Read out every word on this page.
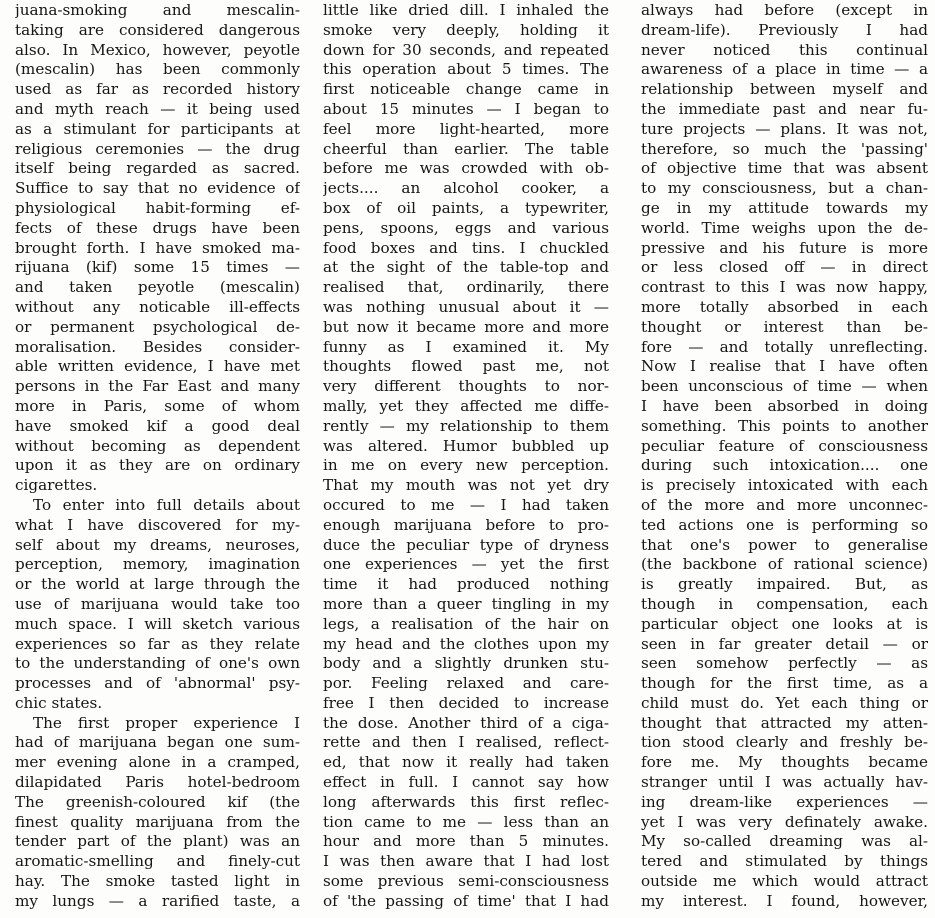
juana-smoking and mescalin-
taking are considered dangerous
also. In Mexico, however, peyotle
(mescalin) has been commonly
used as far as recorded history
and myth reach — it being used
as a stimulant for participants at
religious ceremonies — the drug
itself being regarded as sacred.
Suffice to say that no evidence of
physiological habit-forming ef-
fects of these drugs have been
brought forth. I have smoked ma-
rijuana (kif) some 15 times —
and taken peyotle (mescalin)
without any noticable ill-effects
or permanent psychological de-
moralisation. Besides consider-
able written evidence, I have met
persons in the Far East and many
more in Paris, some of whom
have smoked kif a good deal
without becoming as dependent
upon it as they are on ordinary
cigarettes.
To enter into full details about
what I have discovered for my-
self about my dreams, neuroses,
perception, memory, imagination
or the world at large through the
use of marijuana would take too
much space. I will sketch various
experiences so far as they relate
to the understanding of one's own
processes and of 'abnormal' psy-
chic states.
The first proper experience I
had of marijuana began one sum-
mer evening alone in a cramped,
dilapidated Paris hotel-bedroom
The greenish-coloured kif (the
finest quality marijuana from the
tender part of the plant) was an
aromatic-smelling and finely-cut
hay. The smoke tasted light in
my lungs — a rarified taste, a
little like dried dill. I inhaled the
smoke very deeply, holding it
down for 30 seconds, and repeated
this operation about 5 times. The
first noticeable change came in
about 15 minutes — I began to
feel more light-hearted, more
cheerful than earlier. The table
before me was crowded with ob-
jects.... an alcohol cooker, a
box of oil paints, a typewriter,
pens, spoons, eggs and various
food boxes and tins. I chuckled
at the sight of the table-top and
realised that, ordinarily, there
was nothing unusual about it —
but now it became more and more
funny as I examined it. My
thoughts flowed past me, not
very different thoughts to nor-
mally, yet they affected me diffe-
rently — my relationship to them
was altered. Humor bubbled up
in me on every new perception.
That my mouth was not yet dry
occured to me — I had taken
enough marijuana before to pro-
duce the peculiar type of dryness
one experiences — yet the first
time it had produced nothing
more than a queer tingling in my
legs, a realisation of the hair on
my head and the clothes upon my
body and a slightly drunken stu-
por. Feeling relaxed and care-
free I then decided to increase
the dose. Another third of a ciga-
rette and then I realised, reflect-
ed, that now it really had taken
effect in full. I cannot say how
long afterwards this first reflec-
tion came to me — less than an
hour and more than 5 minutes.
I was then aware that I had lost
some previous semi-consciousness
of 'the passing of time' that I had
always had before (except in
dream-life). Previously I had
never noticed this continual
awareness of a place in time — a
relationship between myself and
the immediate past and near fu-
ture projects — plans. It was not,
therefore, so much the 'passing'
of objective time that was absent
to my consciousness, but a chan-
ge in my attitude towards my
world. Time weighs upon the de-
pressive and his future is more
or less closed off — in direct
contrast to this I was now happy,
more totally absorbed in each
thought or interest than be-
fore — and totally unreflecting.
Now I realise that I have often
been unconscious of time — when
I have been absorbed in doing
something. This points to another
peculiar feature of consciousness
during such intoxication.... one
is precisely intoxicated with each
of the more and more unconnec-
ted actions one is performing so
that one's power to generalise
(the backbone of rational science)
is greatly impaired. But, as
though in compensation, each
particular object one looks at is
seen in far greater detail — or
seen somehow perfectly — as
though for the first time, as a
child must do. Yet each thing or
thought that attracted my atten-
tion stood clearly and freshly be-
fore me. My thoughts became
stranger until I was actually hav-
ing dream-like experiences —
yet I was very definately awake.
My so-called dreaming was al-
tered and stimulated by things
outside me which would attract
my interest. I found, however,
